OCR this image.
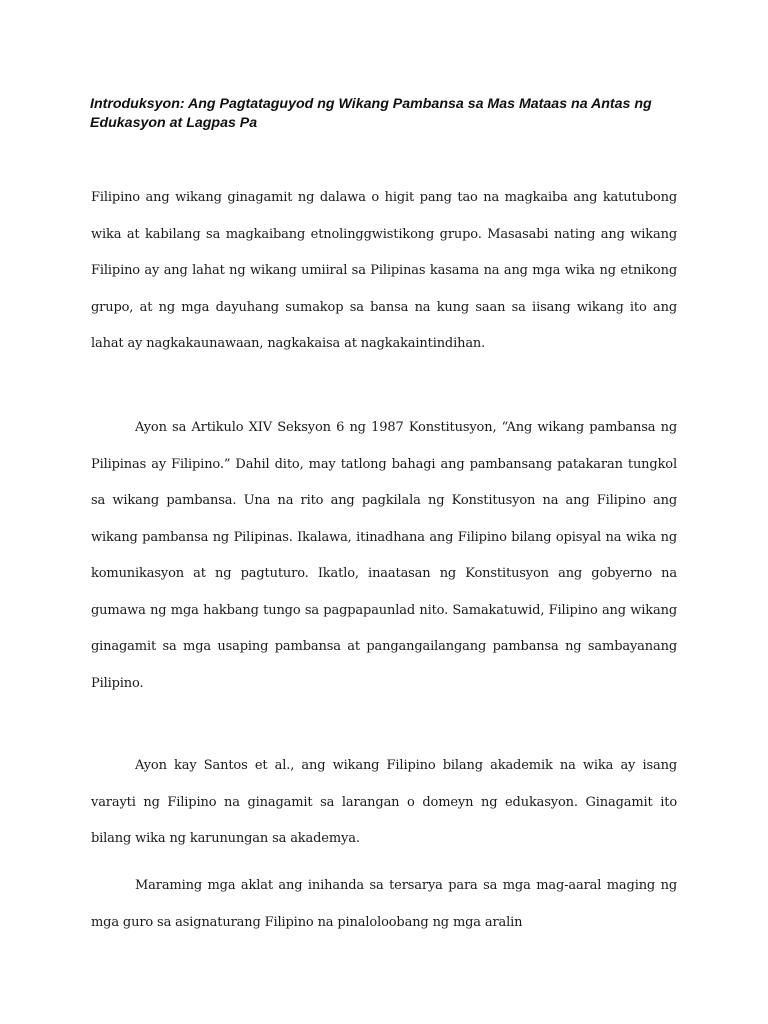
Introduksyon: Ang Pagtataguyod ng Wikang Pambansa sa Mas Mataas na Antas ng Edukasyon at Lagpas Pa

Filipino ang wikang ginagamit ng dalawa o higit pang tao na magkaiba ang katutubong wika at kabilang sa magkaibang etnolinggwistikong grupo. Masasabi nating ang wikang Filipino ay ang lahat ng wikang umiiral sa Pilipinas kasama na ang mga wika ng etnikong grupo, at ng mga dayuhang sumakop sa bansa na kung saan sa iisang wikang ito ang lahat ay nagkakaunawaan, nagkakaisa at nagkakaintindihan.

Ayon sa Artikulo XIV Seksyon 6 ng 1987 Konstitusyon, “Ang wikang pambansa ng Pilipinas ay Filipino.” Dahil dito, may tatlong bahagi ang pambansang patakaran tungkol sa wikang pambansa. Una na rito ang pagkilala ng Konstitusyon na ang Filipino ang wikang pambansa ng Pilipinas. Ikalawa, itinadhana ang Filipino bilang opisyal na wika ng komunikasyon at ng pagtuturo. Ikatlo, inaatasan ng Konstitusyon ang gobyerno na gumawa ng mga hakbang tungo sa pagpapaunlad nito. Samakatuwid, Filipino ang wikang ginagamit sa mga usaping pambansa at pangangailangang pambansa ng sambayanang Pilipino.

Ayon kay Santos et al., ang wikang Filipino bilang akademik na wika ay isang varayti ng Filipino na ginagamit sa larangan o domeyn ng edukasyon. Ginagamit ito bilang wika ng karunungan sa akademya.

Maraming mga aklat ang inihanda sa tersarya para sa mga mag-aaral maging ng mga guro sa asignaturang Filipino na pinaloloobang ng mga aralin
